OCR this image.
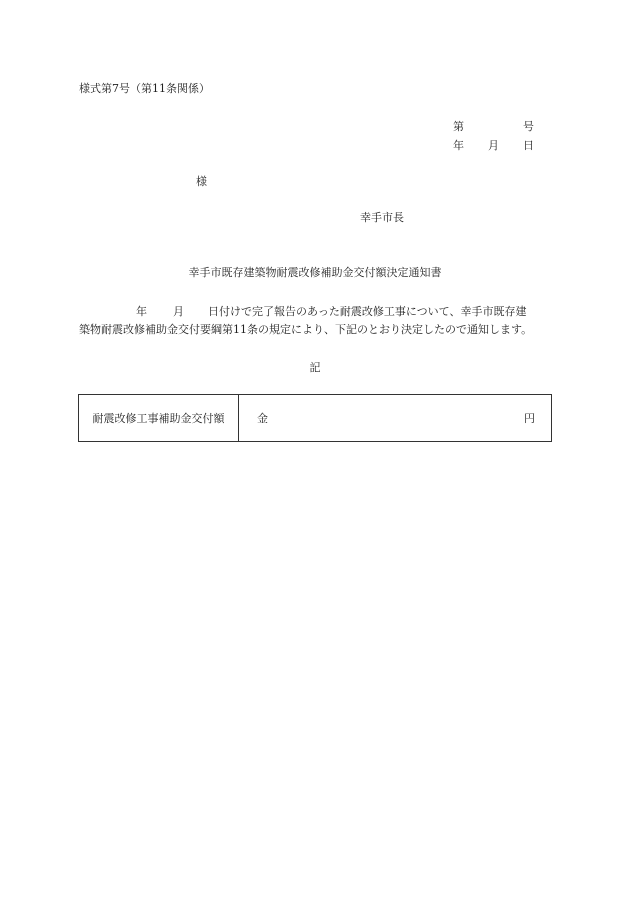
様式第7号（第11条関係）
第	号
年 月 日
様
幸手市長
幸手市既存建築物耐震改修補助金交付額決定通知書
年 月 日付けで完了報告のあった耐震改修工事について、幸手市既存建
築物耐震改修補助金交付要綱第11条の規定により、下記のとおり決定したので通知します。
記
耐震改修工事補助金交付額	金	円
